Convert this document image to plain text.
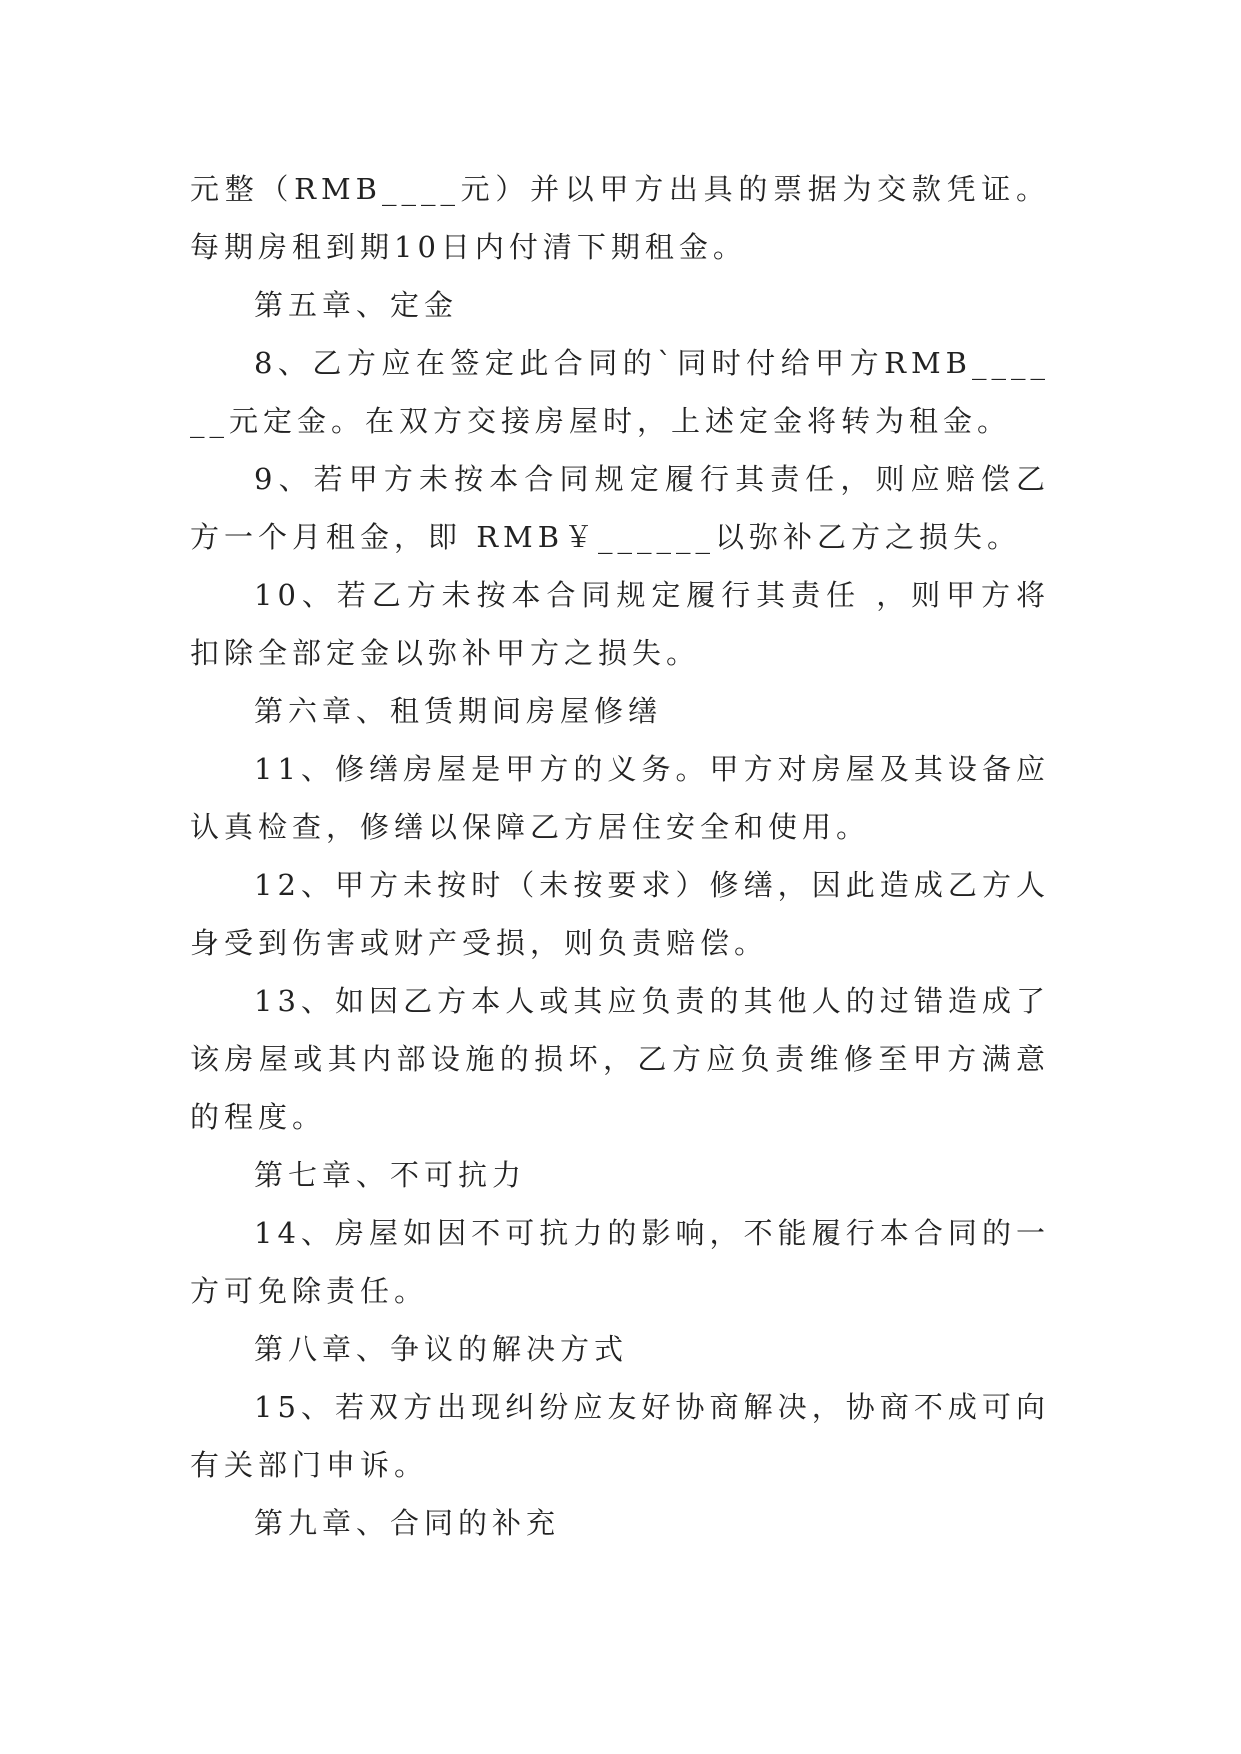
元整（RMB____元）并以甲方出具的票据为交款凭证。每期房租到期10日内付清下期租金。

第五章、定金

8、乙方应在签定此合同的`同时付给甲方RMB______元定金。在双方交接房屋时，上述定金将转为租金。

9、若甲方未按本合同规定履行其责任，则应赔偿乙方一个月租金，即 RMB￥______以弥补乙方之损失。

10、若乙方未按本合同规定履行其责任 ，则甲方将扣除全部定金以弥补甲方之损失。

第六章、租赁期间房屋修缮

11、修缮房屋是甲方的义务。甲方对房屋及其设备应认真检查，修缮以保障乙方居住安全和使用。

12、甲方未按时（未按要求）修缮，因此造成乙方人身受到伤害或财产受损，则负责赔偿。

13、如因乙方本人或其应负责的其他人的过错造成了该房屋或其内部设施的损坏，乙方应负责维修至甲方满意的程度。

第七章、不可抗力

14、房屋如因不可抗力的影响，不能履行本合同的一方可免除责任。

第八章、争议的解决方式

15、若双方出现纠纷应友好协商解决，协商不成可向有关部门申诉。

第九章、合同的补充
